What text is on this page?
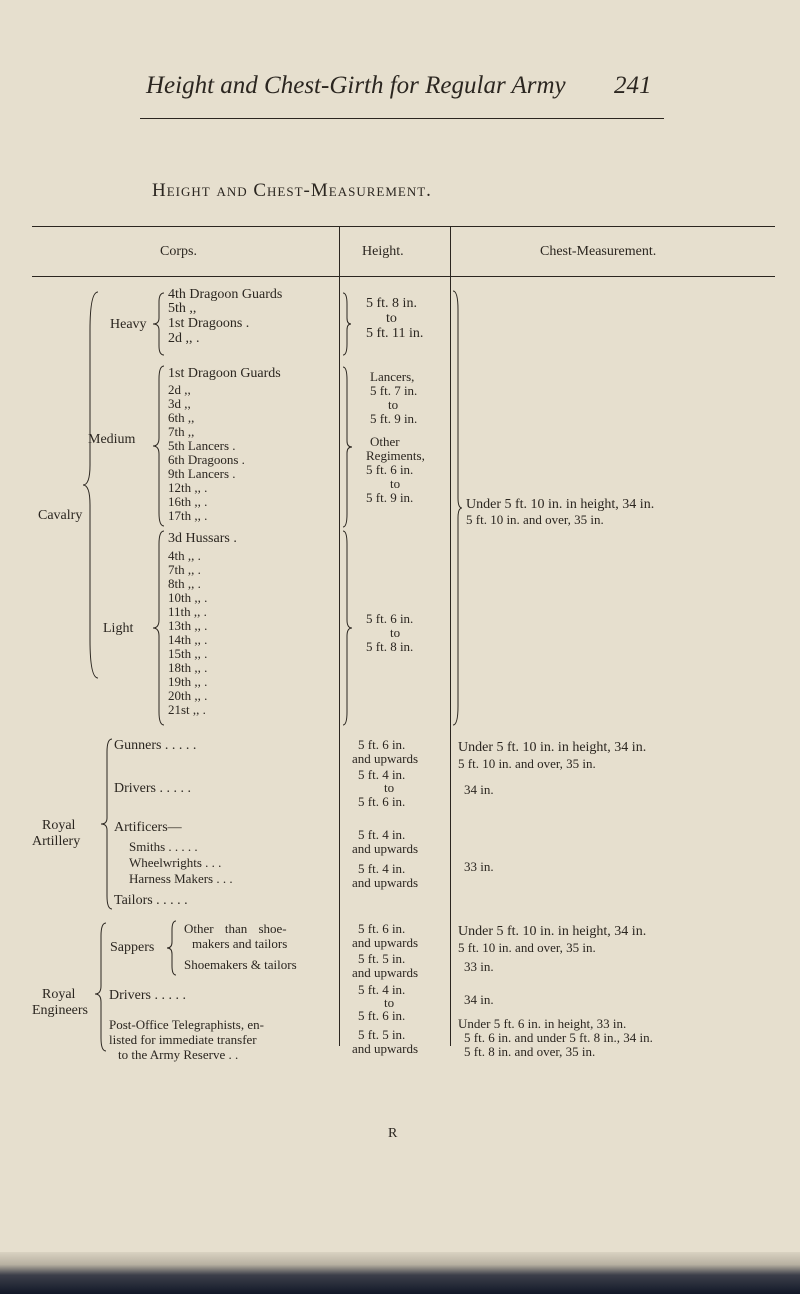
Height and Chest-Girth for Regular Army 241
Height and Chest-Measurement.
Corps.	Height.	Chest-Measurement.
Cavalry
Heavy
4th Dragoon Guards
5th ,,
1st Dragoons .
2d ,, .
5 ft. 8 in.
to
5 ft. 11 in.
Medium
1st Dragoon Guards
2d ,,
3d ,,
6th ,,
7th ,,
5th Lancers .
6th Dragoons .
9th Lancers .
12th ,, .
16th ,, .
17th ,, .
Lancers,
5 ft. 7 in.
to
5 ft. 9 in.
Other
Regiments,
5 ft. 6 in.
to
5 ft. 9 in.
Light
3d Hussars .
4th ,, .
7th ,, .
8th ,, .
10th ,, .
11th ,, .
13th ,, .
14th ,, .
15th ,, .
18th ,, .
19th ,, .
20th ,, .
21st ,, .
5 ft. 6 in.
to
5 ft. 8 in.
Under 5 ft. 10 in. in height, 34 in.
5 ft. 10 in. and over, 35 in.
Royal
Artillery
Gunners . . . . .
Drivers . . . . .
Artificers—
Smiths . . . . .
Wheelwrights . . .
Harness Makers . . .
Tailors . . . . .
5 ft. 6 in.
and upwards
5 ft. 4 in.
to
5 ft. 6 in.
5 ft. 4 in.
and upwards
5 ft. 4 in.
and upwards
Under 5 ft. 10 in. in height, 34 in.
5 ft. 10 in. and over, 35 in.
34 in.
33 in.
Royal
Engineers
Sappers
Other than shoe-
makers and tailors
Shoemakers & tailors
Drivers . . . . .
Post-Office Telegraphists, en-
listed for immediate transfer
to the Army Reserve . .
5 ft. 6 in.
and upwards
5 ft. 5 in.
and upwards
5 ft. 4 in.
to
5 ft. 6 in.
5 ft. 5 in.
and upwards
Under 5 ft. 10 in. in height, 34 in.
5 ft. 10 in. and over, 35 in.
33 in.
34 in.
Under 5 ft. 6 in. in height, 33 in.
5 ft. 6 in. and under 5 ft. 8 in., 34 in.
5 ft. 8 in. and over, 35 in.
R
